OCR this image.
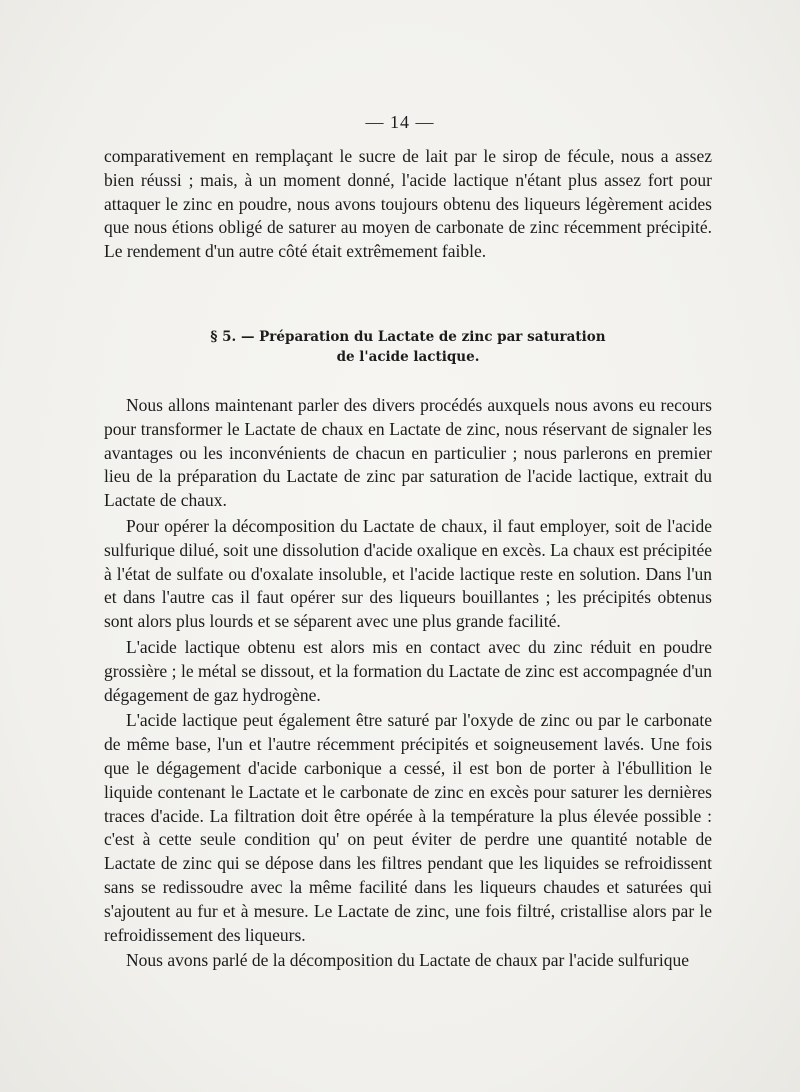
— 14 —

comparativement en remplaçant le sucre de lait par le sirop de fécule, nous a assez bien réussi ; mais, à un moment donné, l'acide lactique n'étant plus assez fort pour attaquer le zinc en poudre, nous avons toujours obtenu des liqueurs légèrement acides que nous étions obligé de saturer au moyen de carbonate de zinc récemment précipité. Le rendement d'un autre côté était extrêmement faible.

§ 5. — Préparation du Lactate de zinc par saturation
de l'acide lactique.

Nous allons maintenant parler des divers procédés auxquels nous avons eu recours pour transformer le Lactate de chaux en Lactate de zinc, nous réservant de signaler les avantages ou les inconvénients de chacun en particulier ; nous parlerons en premier lieu de la préparation du Lactate de zinc par saturation de l'acide lactique, extrait du Lactate de chaux.

Pour opérer la décomposition du Lactate de chaux, il faut employer, soit de l'acide sulfurique dilué, soit une dissolution d'acide oxalique en excès. La chaux est précipitée à l'état de sulfate ou d'oxalate insoluble, et l'acide lactique reste en solution. Dans l'un et dans l'autre cas il faut opérer sur des liqueurs bouillantes ; les précipités obtenus sont alors plus lourds et se séparent avec une plus grande facilité.

L'acide lactique obtenu est alors mis en contact avec du zinc réduit en poudre grossière ; le métal se dissout, et la formation du Lactate de zinc est accompagnée d'un dégagement de gaz hydrogène.

L'acide lactique peut également être saturé par l'oxyde de zinc ou par le carbonate de même base, l'un et l'autre récemment précipités et soigneusement lavés. Une fois que le dégagement d'acide carbonique a cessé, il est bon de porter à l'ébullition le liquide contenant le Lactate et le carbonate de zinc en excès pour saturer les dernières traces d'acide. La filtration doit être opérée à la température la plus élevée possible : c'est à cette seule condition qu' on peut éviter de perdre une quantité notable de Lactate de zinc qui se dépose dans les filtres pendant que les liquides se refroidissent sans se redissoudre avec la même facilité dans les liqueurs chaudes et saturées qui s'ajoutent au fur et à mesure. Le Lactate de zinc, une fois filtré, cristallise alors par le refroidissement des liqueurs.

Nous avons parlé de la décomposition du Lactate de chaux par l'acide sulfurique
